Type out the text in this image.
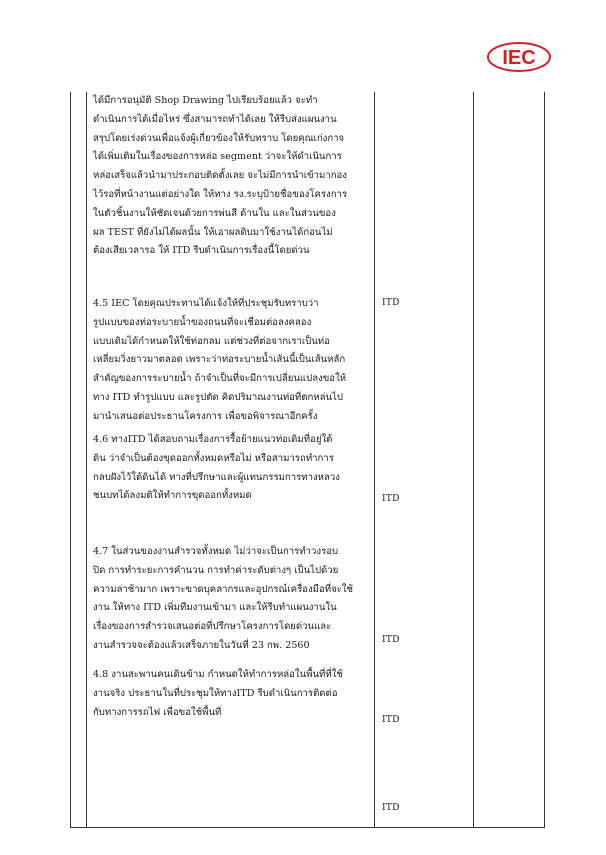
IEC
ได้มีการอนุมัติ Shop Drawing ไปเรียบร้อยแล้ว จะทำ
ดำเนินการได้เมื่อไหร่ ซึ่งสามารถทำได้เลย ให้รีบส่งแผนงาน
สรุปโดยเร่งด่วนเพื่อแจ้งผู้เกี่ยวข้องให้รับทราบ โดยคุณเก่งกาจ
ได้เพิ่มเติมในเรื่องของการหล่อ segment ว่าจะให้ดำเนินการ
หล่อเสร็จแล้วนำมาประกอบติดตั้งเลย จะไม่มีการนำเข้ามากอง
ไว้รอที่หน้างานแต่อย่างใด ให้ทาง รง.ระบุป้ายชื่อของโครงการ
ในตัวชิ้นงานให้ชัดเจนด้วยการพ่นสี ด้านใน และในส่วนของ
ผล TEST ที่ยังไม่ได้ผลนั้น ให้เอาผลดิบมาใช้งานได้ก่อนไม่
ต้องเสียเวลารอ ให้ ITD รีบดำเนินการเรื่องนี้โดยด่วน
4.5 IEC โดยคุณประทานได้แจ้งให้ที่ประชุมรับทราบว่า
รูปแบบของท่อระบายน้ำของถนนที่จะเชื่อมต่อลงคลอง
แบบเดิมได้กำหนดให้ใช้ท่อกลม แต่ช่วงที่ต่อจากเราเป็นท่อ
เหลี่ยมวิ่งยาวมาตลอด เพราะว่าท่อระบายน้ำเส้นนี้เป็นเส้นหลัก
สำคัญของการระบายน้ำ ถ้าจำเป็นที่จะมีการเปลี่ยนแปลงขอให้
ทาง ITD ทำรูปแบบ และรูปตัด คิดปริมาณงานท่อที่ตกหล่นไป
มานำเสนอต่อประธานโครงการ เพื่อขอพิจารณาอีกครั้ง
4.6 ทางITD ได้สอบถามเรื่องการรื้อย้ายแนวท่อเดิมที่อยู่ใต้
ดิน ว่าจำเป็นต้องขุดออกทั้งหมดหรือไม่ หรือสามารถทำการ
กลบฝังไว้ใต้ดินได้ ทางที่ปรึกษาและผู้แทนกรรมการทางหลวง
ชนบทได้ลงมติให้ทำการขุดออกทั้งหมด
4.7 ในส่วนของงานสำรวจทั้งหมด ไม่ว่าจะเป็นการทำวงรอบ
ปิด การทำระยะการคำนวน การทำค่าระดับต่างๆ เป็นไปด้วย
ความล่าช้ามาก เพราะขาดบุคลากรและอุปกรณ์เครื่องมือที่จะใช้
งาน ให้ทาง ITD เพิ่มทีมงานเข้ามา และให้รีบทำแผนงานใน
เรื่องของการสำรวจเสนอต่อที่ปรึกษาโครงการโดยด่วนและ
งานสำรวจจะต้องแล้วเสร็จภายในวันที่ 23 กพ. 2560
4.8 งานสะพานคนเดินข้าม กำหนดให้ทำการหล่อในพื้นที่ที่ใช้
งานจริง ประธานในที่ประชุมให้ทางITD รีบดำเนินการติดต่อ
กับทางการรถไฟ เพื่อขอใช้พื้นที่
ITD
ITD
ITD
ITD
ITD
